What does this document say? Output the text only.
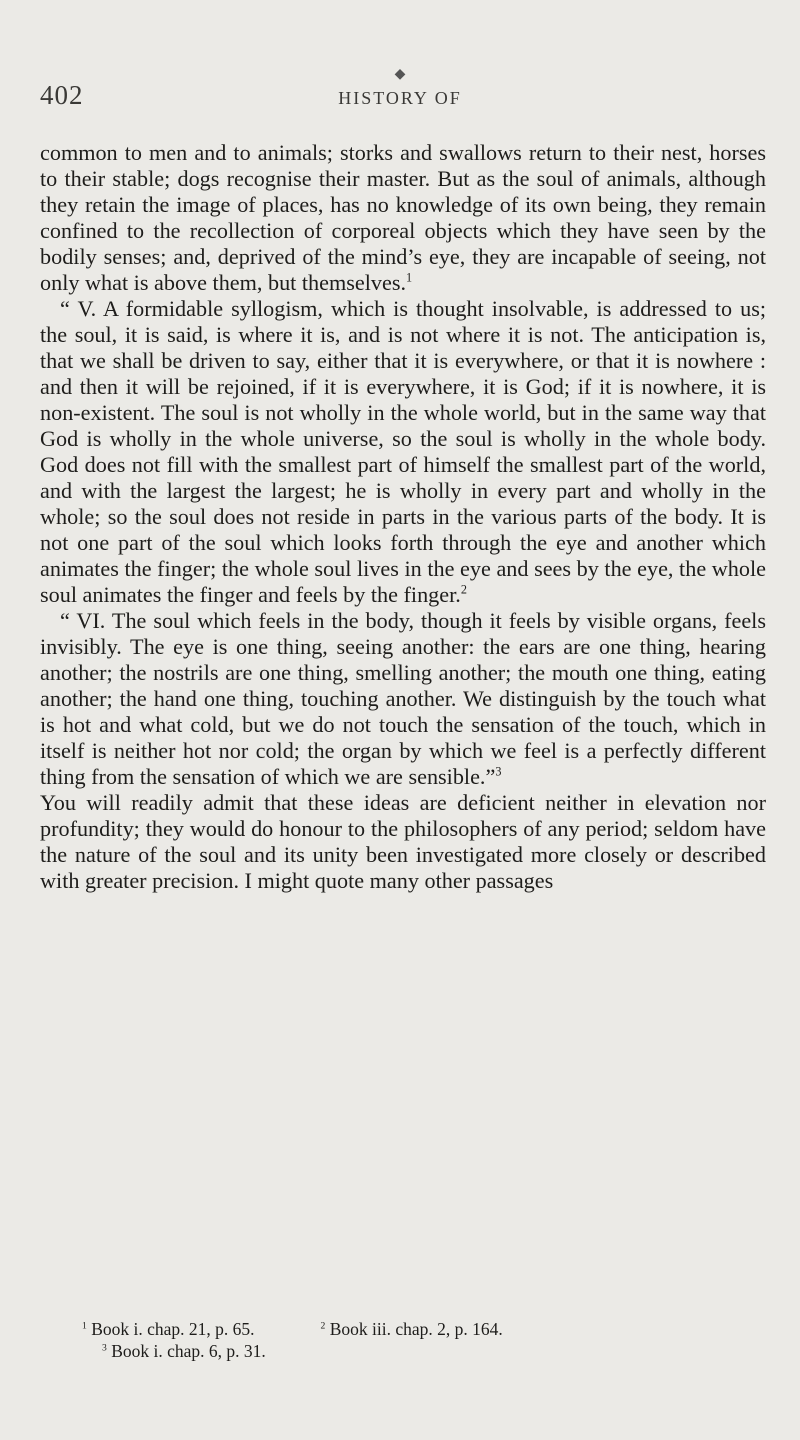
◆
402	HISTORY OF

common to men and to animals; storks and swallows return to their nest, horses to their stable; dogs recognise their master. But as the soul of animals, although they retain the image of places, has no knowledge of its own being, they remain confined to the recollection of corporeal objects which they have seen by the bodily senses; and, deprived of the mind’s eye, they are incapable of seeing, not only what is above them, but themselves.$^1$

“ V. A formidable syllogism, which is thought insolvable, is addressed to us; the soul, it is said, is where it is, and is not where it is not. The anticipation is, that we shall be driven to say, either that it is everywhere, or that it is nowhere : and then it will be rejoined, if it is everywhere, it is God; if it is nowhere, it is non-existent. The soul is not wholly in the whole world, but in the same way that God is wholly in the whole universe, so the soul is wholly in the whole body. God does not fill with the smallest part of himself the smallest part of the world, and with the largest the largest; he is wholly in every part and wholly in the whole; so the soul does not reside in parts in the various parts of the body. It is not one part of the soul which looks forth through the eye and another which animates the finger; the whole soul lives in the eye and sees by the eye, the whole soul animates the finger and feels by the finger.$^2$

“ VI. The soul which feels in the body, though it feels by visible organs, feels invisibly. The eye is one thing, seeing another: the ears are one thing, hearing another; the nostrils are one thing, smelling another; the mouth one thing, eating another; the hand one thing, touching another. We distinguish by the touch what is hot and what cold, but we do not touch the sensation of the touch, which in itself is neither hot nor cold; the organ by which we feel is a perfectly different thing from the sensation of which we are sensible.”$^3$

You will readily admit that these ideas are deficient neither in elevation nor profundity; they would do honour to the philosophers of any period; seldom have the nature of the soul and its unity been investigated more closely or described with greater precision. I might quote many other passages

$^1$ Book i. chap. 21, p. 65.	$^2$ Book iii. chap. 2, p. 164.
$^3$ Book i. chap. 6, p. 31.
